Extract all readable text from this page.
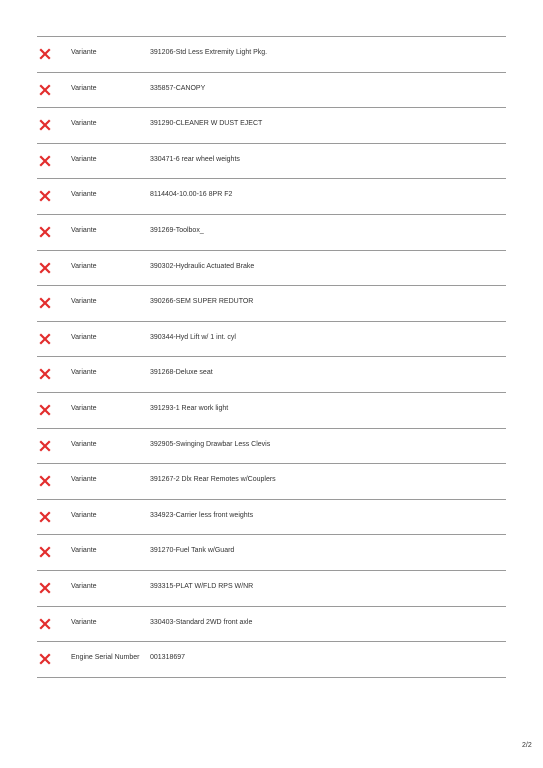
Variante	391206-Std Less Extremity Light Pkg.
Variante	335857-CANOPY
Variante	391290-CLEANER W DUST EJECT
Variante	330471-6 rear wheel weights
Variante	8114404-10.00-16 8PR F2
Variante	391269-Toolbox_
Variante	390302-Hydraulic Actuated Brake
Variante	390266-SEM SUPER REDUTOR
Variante	390344-Hyd Lift w/ 1 int. cyl
Variante	391268-Deluxe seat
Variante	391293-1 Rear work light
Variante	392905-Swinging Drawbar Less Clevis
Variante	391267-2 Dlx Rear Remotes w/Couplers
Variante	334923-Carrier less front weights
Variante	391270-Fuel Tank w/Guard
Variante	393315-PLAT W/FLD RPS W/NR
Variante	330403-Standard 2WD front axle
Engine Serial Number 001318697
2/2
